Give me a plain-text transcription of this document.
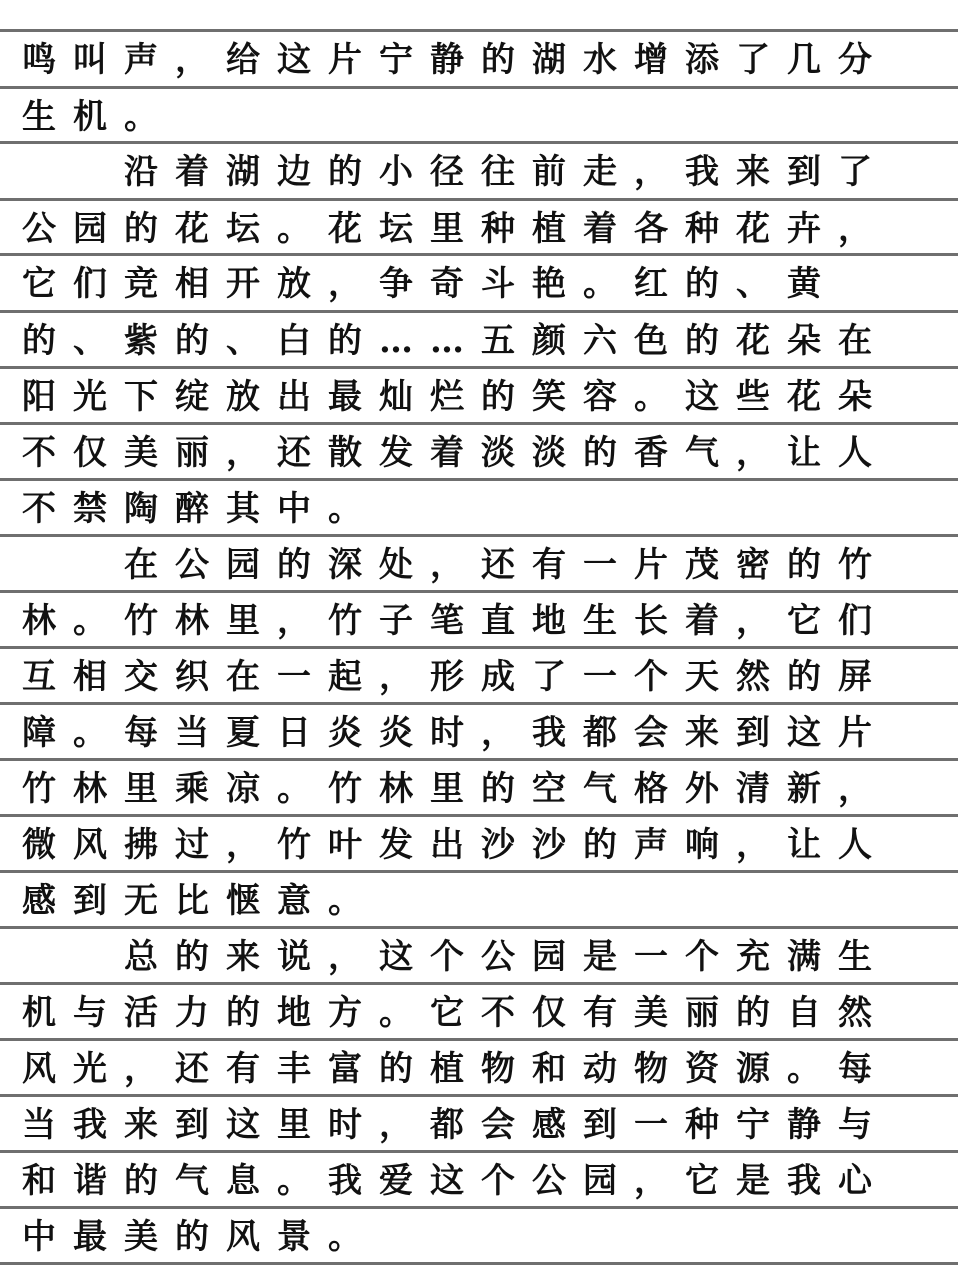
鸣叫声，给这片宁静的湖水增添了几分
生机。
沿着湖边的小径往前走，我来到了
公园的花坛。花坛里种植着各种花卉，
它们竞相开放，争奇斗艳。红的、黄
的、紫的、白的……五颜六色的花朵在
阳光下绽放出最灿烂的笑容。这些花朵
不仅美丽，还散发着淡淡的香气，让人
不禁陶醉其中。
在公园的深处，还有一片茂密的竹
林。竹林里，竹子笔直地生长着，它们
互相交织在一起，形成了一个天然的屏
障。每当夏日炎炎时，我都会来到这片
竹林里乘凉。竹林里的空气格外清新，
微风拂过，竹叶发出沙沙的声响，让人
感到无比惬意。
总的来说，这个公园是一个充满生
机与活力的地方。它不仅有美丽的自然
风光，还有丰富的植物和动物资源。每
当我来到这里时，都会感到一种宁静与
和谐的气息。我爱这个公园，它是我心
中最美的风景。
